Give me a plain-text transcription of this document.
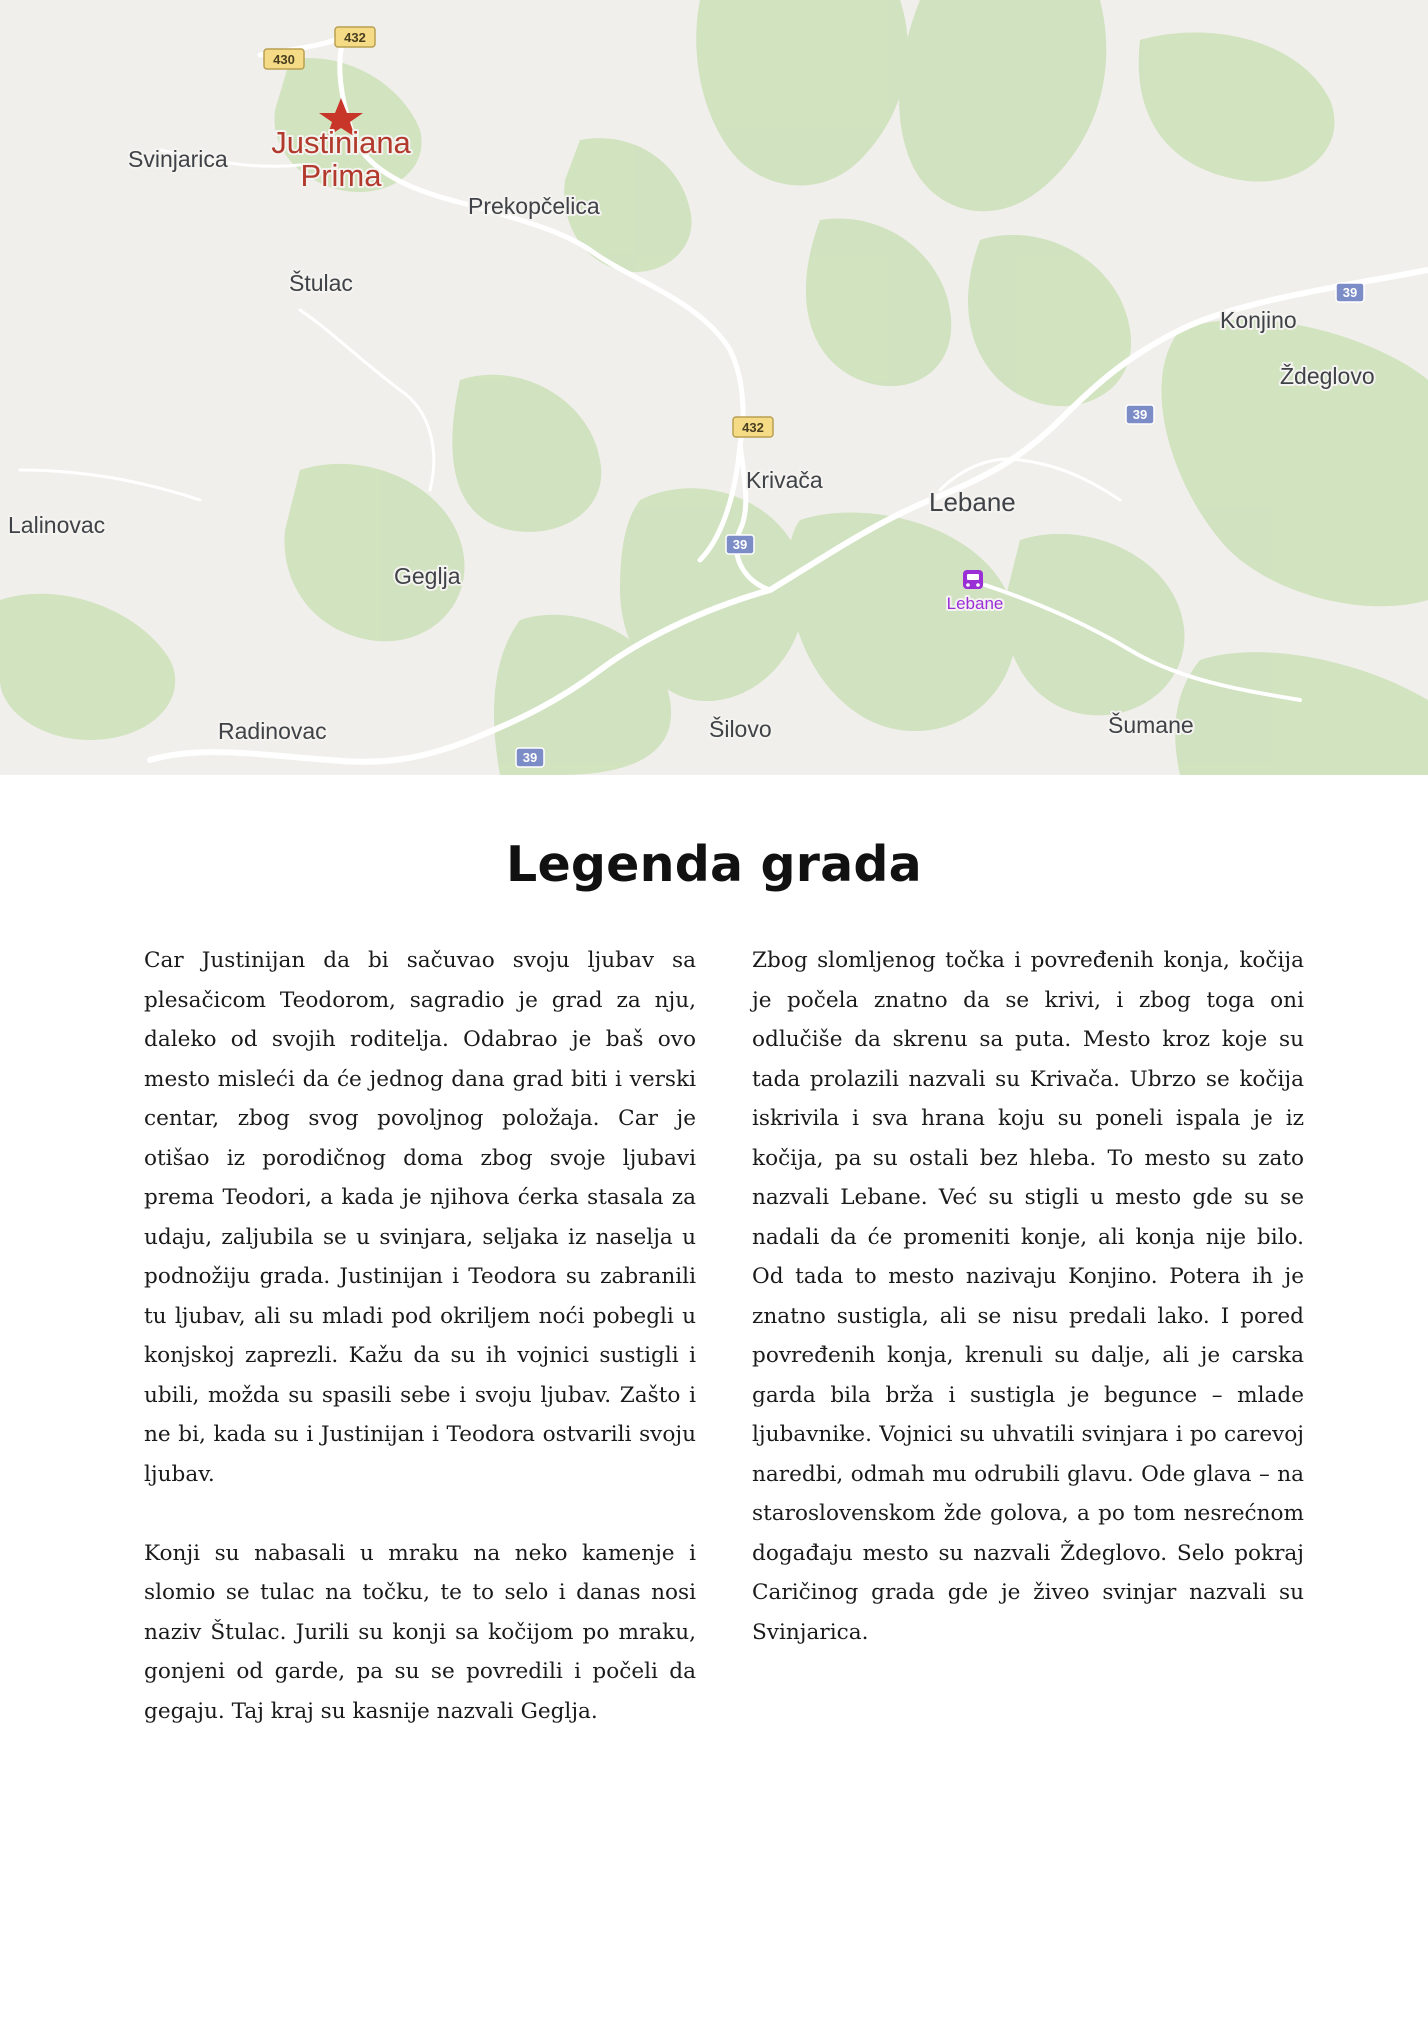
430
432
432
39
39
39
39
Justiniana
Prima
Svinjarica
Prekopčelica
Štulac
Konjino
Ždeglovo
Krivača
Lebane
Lebane
Lalinovac
Geglja
Radinovac	Šilovo	Šumane
Legenda grada

Car Justinijan da bi sačuvao svoju ljubav sa plesačicom Teodorom, sagradio je grad za nju, daleko od svojih roditelja. Odabrao je baš ovo mesto misleći da će jednog dana grad biti i verski centar, zbog svog povoljnog položaja. Car je otišao iz porodičnog doma zbog svoje ljubavi prema Teodori, a kada je njihova ćerka stasala za udaju, zaljubila se u svinjara, seljaka iz naselja u podnožiju grada. Justinijan i Teodora su zabranili tu ljubav, ali su mladi pod okriljem noći pobegli u konjskoj zaprezli. Kažu da su ih vojnici sustigli i ubili, možda su spasili sebe i svoju ljubav. Zašto i ne bi, kada su i Justinijan i Teodora ostvarili svoju ljubav.

Konji su nabasali u mraku na neko kamenje i slomio se tulac na točku, te to selo i danas nosi naziv Štulac. Jurili su konji sa kočijom po mraku, gonjeni od garde, pa su se povredili i počeli da gegaju. Taj kraj su kasnije nazvali Geglja.

Zbog slomljenog točka i povređenih konja, kočija je počela znatno da se krivi, i zbog toga oni odlučiše da skrenu sa puta. Mesto kroz koje su tada prolazili nazvali su Krivača. Ubrzo se kočija iskrivila i sva hrana koju su poneli ispala je iz kočija, pa su ostali bez hleba. To mesto su zato nazvali Lebane. Već su stigli u mesto gde su se nadali da će promeniti konje, ali konja nije bilo. Od tada to mesto nazivaju Konjino. Potera ih je znatno sustigla, ali se nisu predali lako. I pored povređenih konja, krenuli su dalje, ali je carska garda bila brža i sustigla je begunce – mlade ljubavnike. Vojnici su uhvatili svinjara i po carevoj naredbi, odmah mu odrubili glavu. Ode glava – na staroslovenskom žde golova, a po tom nesrećnom događaju mesto su nazvali Ždeglovo. Selo pokraj Caričinog grada gde je živeo svinjar nazvali su Svinjarica.
